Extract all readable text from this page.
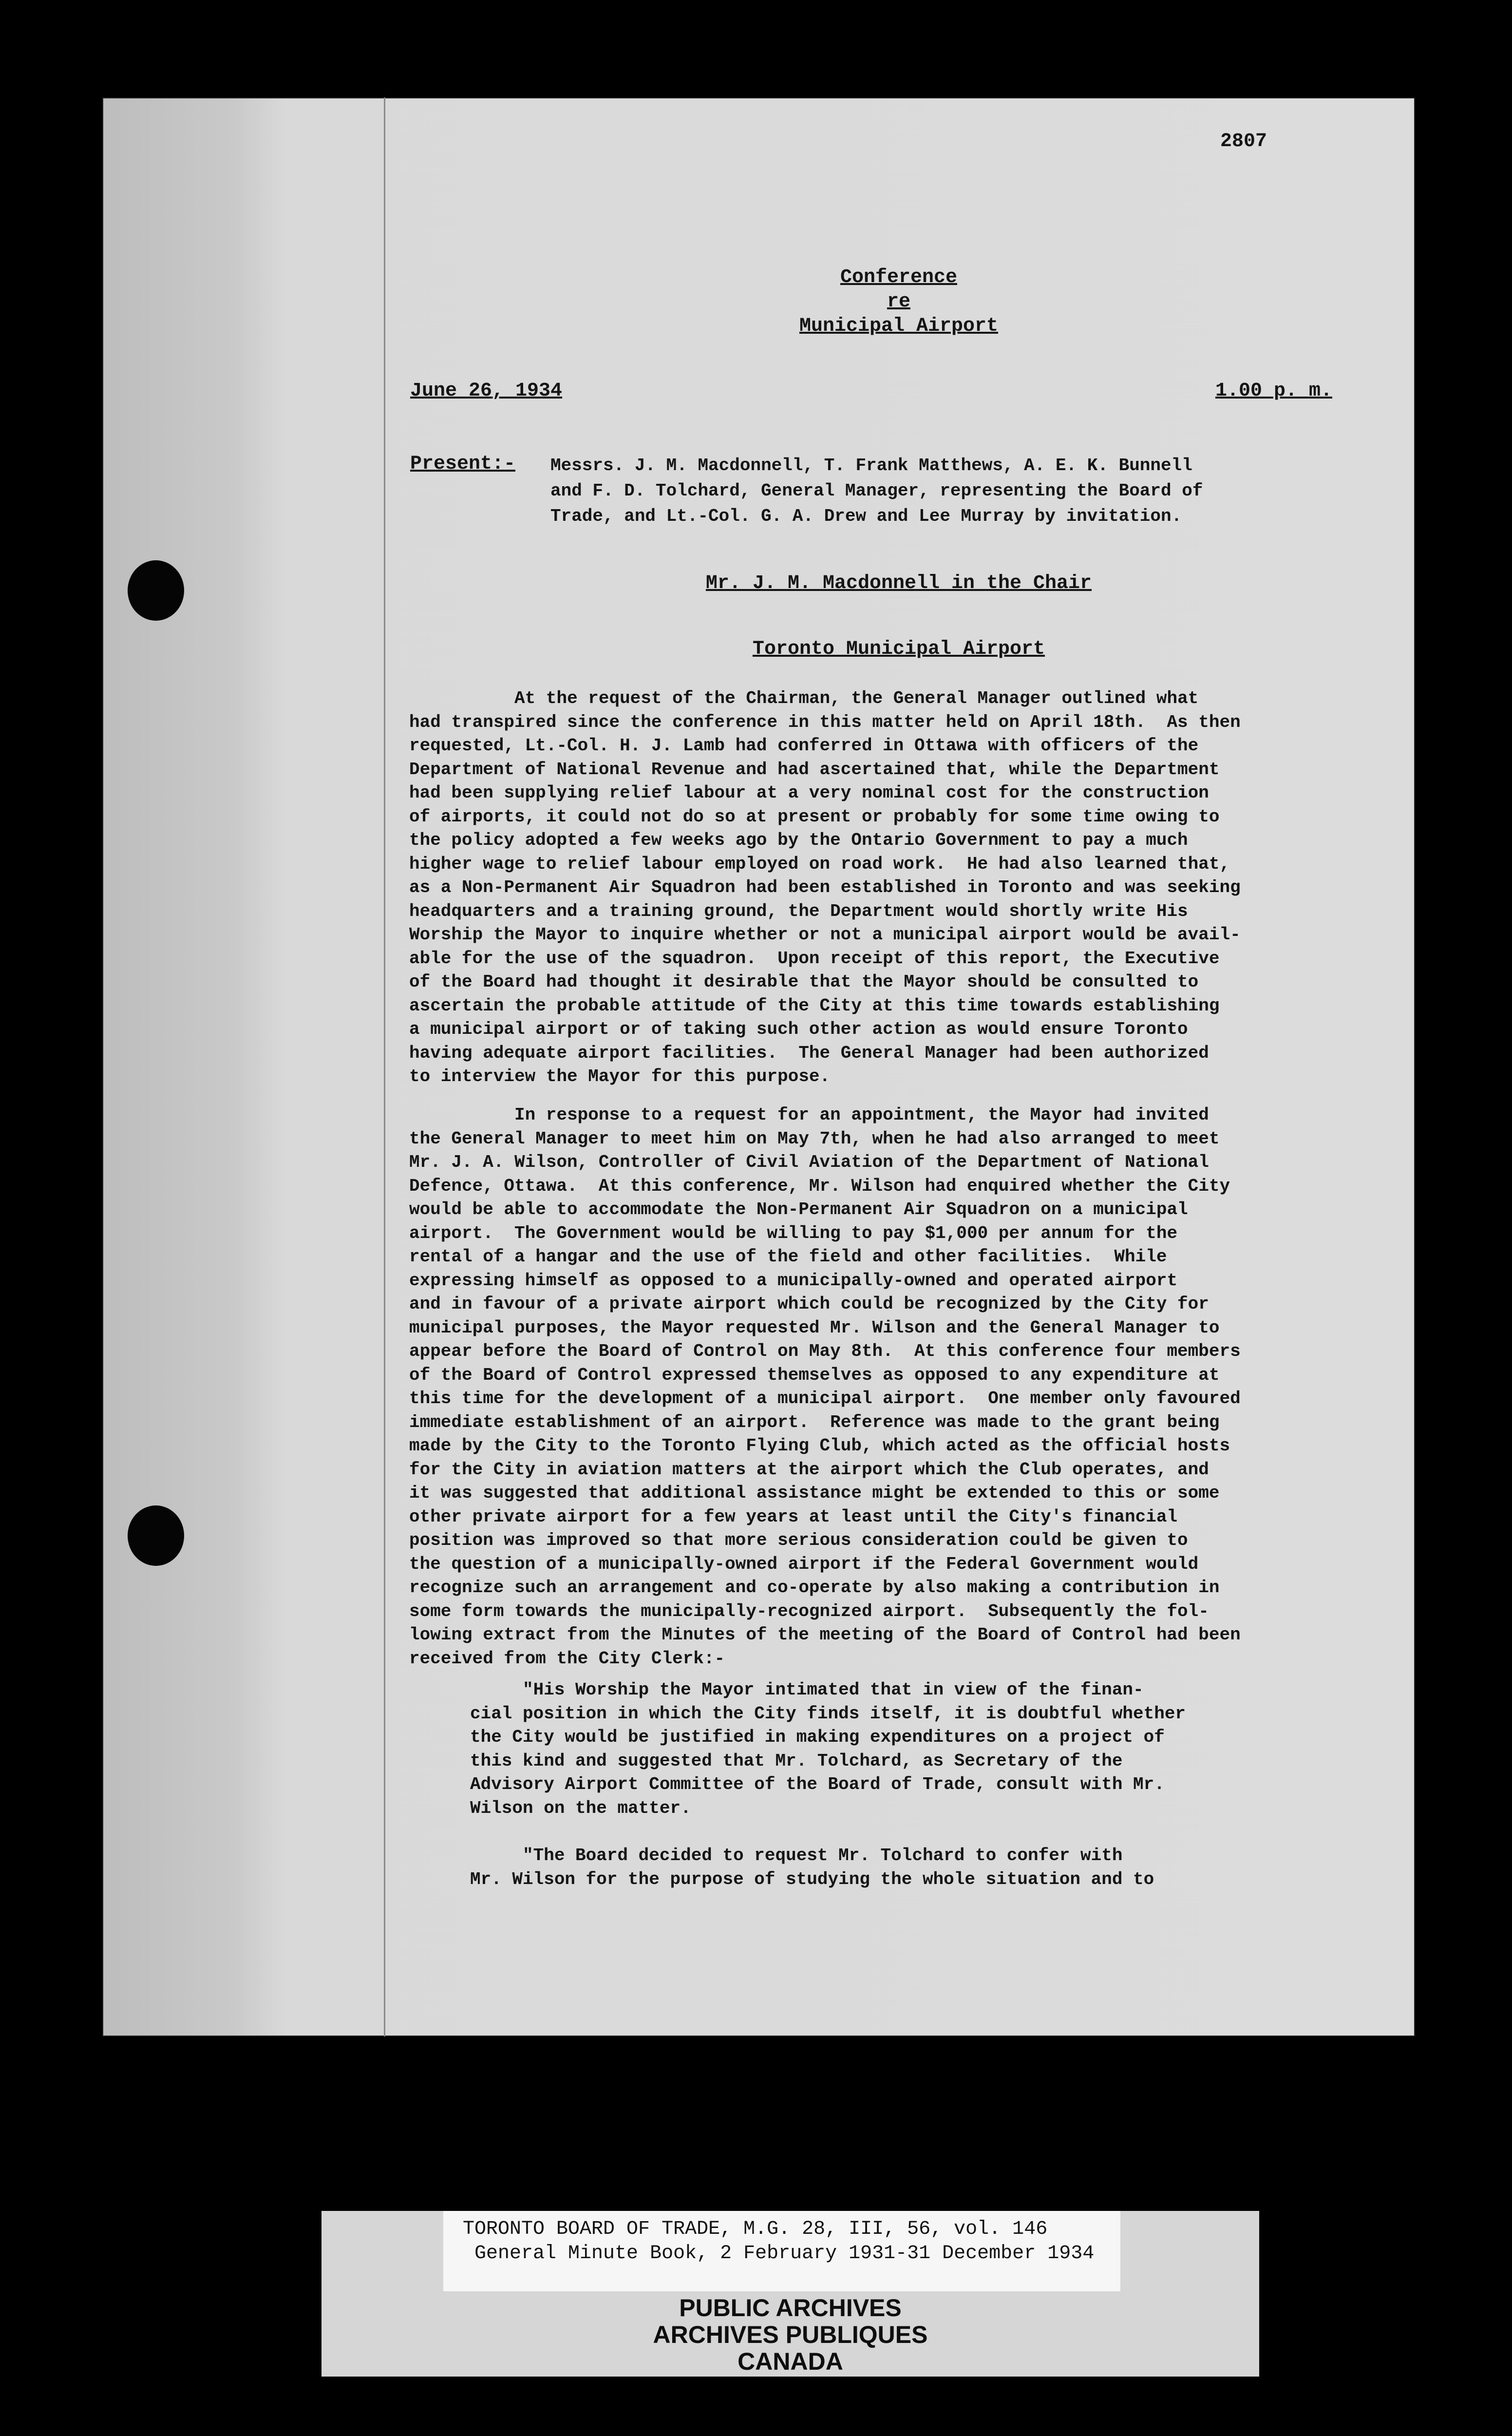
2807
Conference
re
Municipal Airport
June 26, 1934	1.00 p. m.
Present:- Messrs. J. M. Macdonnell, T. Frank Matthews, A. E. K. Bunnell
and F. D. Tolchard, General Manager, representing the Board of
Trade, and Lt.-Col. G. A. Drew and Lee Murray by invitation.
Mr. J. M. Macdonnell in the Chair
Toronto Municipal Airport
At the request of the Chairman, the General Manager outlined what
had transpired since the conference in this matter held on April 18th.  As then
requested, Lt.-Col. H. J. Lamb had conferred in Ottawa with officers of the
Department of National Revenue and had ascertained that, while the Department
had been supplying relief labour at a very nominal cost for the construction
of airports, it could not do so at present or probably for some time owing to
the policy adopted a few weeks ago by the Ontario Government to pay a much
higher wage to relief labour employed on road work.  He had also learned that,
as a Non-Permanent Air Squadron had been established in Toronto and was seeking
headquarters and a training ground, the Department would shortly write His
Worship the Mayor to inquire whether or not a municipal airport would be avail-
able for the use of the squadron.  Upon receipt of this report, the Executive
of the Board had thought it desirable that the Mayor should be consulted to
ascertain the probable attitude of the City at this time towards establishing
a municipal airport or of taking such other action as would ensure Toronto
having adequate airport facilities.  The General Manager had been authorized
to interview the Mayor for this purpose.
In response to a request for an appointment, the Mayor had invited
the General Manager to meet him on May 7th, when he had also arranged to meet
Mr. J. A. Wilson, Controller of Civil Aviation of the Department of National
Defence, Ottawa.  At this conference, Mr. Wilson had enquired whether the City
would be able to accommodate the Non-Permanent Air Squadron on a municipal
airport.  The Government would be willing to pay $1,000 per annum for the
rental of a hangar and the use of the field and other facilities.  While
expressing himself as opposed to a municipally-owned and operated airport
and in favour of a private airport which could be recognized by the City for
municipal purposes, the Mayor requested Mr. Wilson and the General Manager to
appear before the Board of Control on May 8th.  At this conference four members
of the Board of Control expressed themselves as opposed to any expenditure at
this time for the development of a municipal airport.  One member only favoured
immediate establishment of an airport.  Reference was made to the grant being
made by the City to the Toronto Flying Club, which acted as the official hosts
for the City in aviation matters at the airport which the Club operates, and
it was suggested that additional assistance might be extended to this or some
other private airport for a few years at least until the City's financial
position was improved so that more serious consideration could be given to
the question of a municipally-owned airport if the Federal Government would
recognize such an arrangement and co-operate by also making a contribution in
some form towards the municipally-recognized airport.  Subsequently the fol-
lowing extract from the Minutes of the meeting of the Board of Control had been
received from the City Clerk:-
"His Worship the Mayor intimated that in view of the finan-
cial position in which the City finds itself, it is doubtful whether
the City would be justified in making expenditures on a project of
this kind and suggested that Mr. Tolchard, as Secretary of the
Advisory Airport Committee of the Board of Trade, consult with Mr.
Wilson on the matter.
"The Board decided to request Mr. Tolchard to confer with
Mr. Wilson for the purpose of studying the whole situation and to
TORONTO BOARD OF TRADE, M.G. 28, III, 56, vol. 146
General Minute Book, 2 February 1931-31 December 1934
PUBLIC ARCHIVES
ARCHIVES PUBLIQUES
CANADA
